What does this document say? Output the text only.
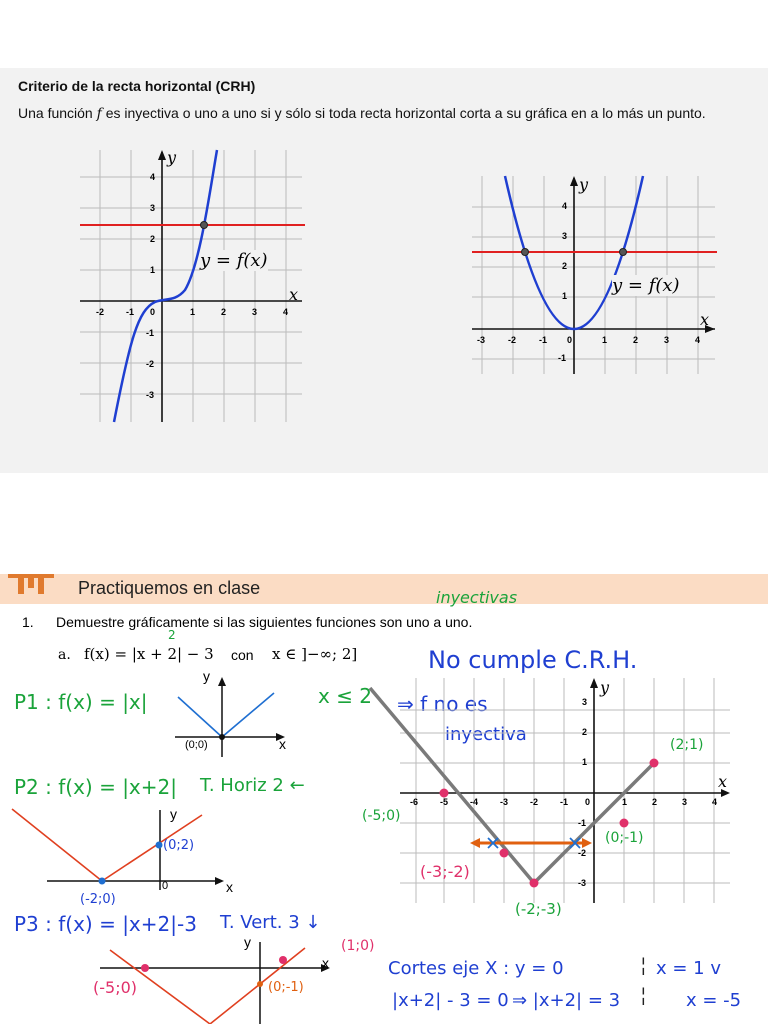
Criterio de la recta horizontal (CRH)
Una función f es inyectiva o uno a uno si y sólo si toda recta horizontal corta a su gráfica en a lo más un punto.
y
x
y = f(x)
-2 -1 0	1	2	3	4
4
3
2
1
-1
-2
-3
y
x
y = f(x)
-3	-2	-1 0	1	2	3	4
4
3
2
1
-1
Practiquemos en clase	inyectivas
1. Demuestre gráficamente si las siguientes funciones son uno a uno.
a. f(x) = |x + 2| − 3 con x ∈ ]−∞; 2]
2
No cumple C.R.H.
⇒ f no es
inyectiva
x ≤ 2
P1 : f(x) = |x|
y
x
(0;0)
P2 : f(x) = |x+2| T. Horiz 2 ←
y
x
(0;2)
(-2;0)
0
P3 : f(x) = |x+2|-3 T. Vert. 3 ↓
y
x
(1;0)
(-5;0)	(0;-1)
y
x
-6 -5 -4 -3 -2 -1 0	1	2	3	4
3
2
1
-1
-2
-3
(2;1)
(-5;0)
(0;-1)
(-3;-2)
(-2;-3)
Cortes eje X : y = 0
|x+2| - 3 = 0 ⇒ |x+2| = 3
¦
¦
x = 1 v
x = -5
